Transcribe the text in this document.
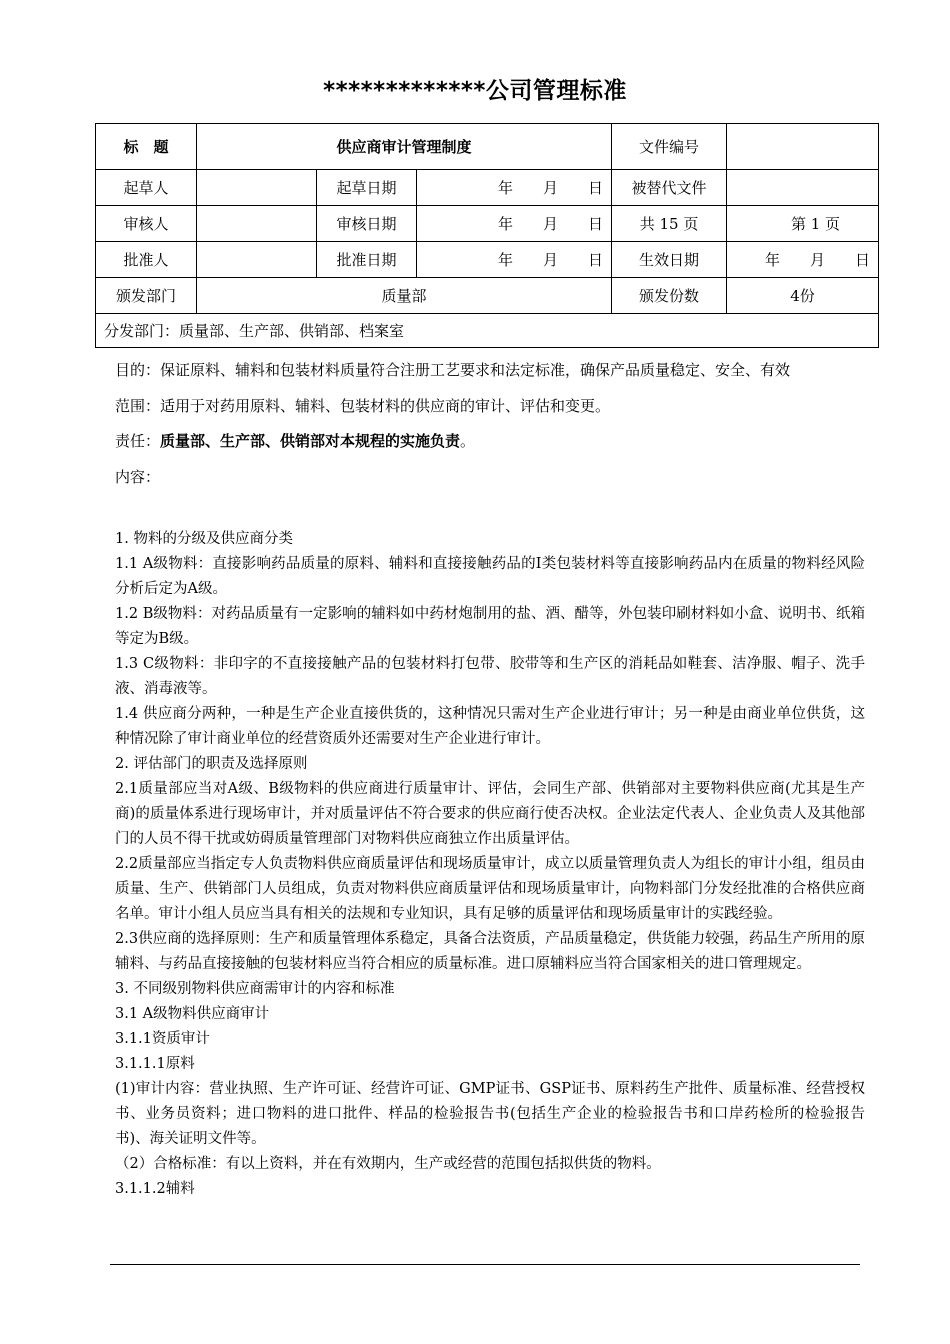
*************公司管理标准
标　题	供应商审计管理制度			文件编号	
起草人		起草日期	年　　月　　日	被替代文件	
审核人		审核日期	年　　月　　日	共 15 页	第 1 页
批准人		批准日期	年　　月　　日	生效日期	年　　月　　日
颁发部门	质量部			颁发份数	4份
分发部门：质量部、生产部、供销部、档案室					

目的：保证原料、辅料和包装材料质量符合注册工艺要求和法定标准，确保产品质量稳定、安全、有效

范围：适用于对药用原料、辅料、包装材料的供应商的审计、评估和变更。

责任：质量部、生产部、供销部对本规程的实施负责。

内容：

1. 物料的分级及供应商分类

1.1 A级物料：直接影响药品质量的原料、辅料和直接接触药品的Ⅰ类包装材料等直接影响药品内在质量的物料经风险分析后定为A级。

1.2 B级物料：对药品质量有一定影响的辅料如中药材炮制用的盐、酒、醋等，外包装印刷材料如小盒、说明书、纸箱等定为B级。

1.3 C级物料：非印字的不直接接触产品的包装材料打包带、胶带等和生产区的消耗品如鞋套、洁净服、帽子、洗手液、消毒液等。

1.4 供应商分两种，一种是生产企业直接供货的，这种情况只需对生产企业进行审计；另一种是由商业单位供货，这种情况除了审计商业单位的经营资质外还需要对生产企业进行审计。

2. 评估部门的职责及选择原则

2.1质量部应当对A级、B级物料的供应商进行质量审计、评估，会同生产部、供销部对主要物料供应商(尤其是生产商)的质量体系进行现场审计，并对质量评估不符合要求的供应商行使否决权。企业法定代表人、企业负责人及其他部门的人员不得干扰或妨碍质量管理部门对物料供应商独立作出质量评估。

2.2质量部应当指定专人负责物料供应商质量评估和现场质量审计，成立以质量管理负责人为组长的审计小组，组员由质量、生产、供销部门人员组成，负责对物料供应商质量评估和现场质量审计，向物料部门分发经批准的合格供应商名单。审计小组人员应当具有相关的法规和专业知识，具有足够的质量评估和现场质量审计的实践经验。

2.3供应商的选择原则：生产和质量管理体系稳定，具备合法资质，产品质量稳定，供货能力较强，药品生产所用的原辅料、与药品直接接触的包装材料应当符合相应的质量标准。进口原辅料应当符合国家相关的进口管理规定。

3. 不同级别物料供应商需审计的内容和标准

3.1 A级物料供应商审计

3.1.1资质审计

3.1.1.1原料

(1)审计内容：营业执照、生产许可证、经营许可证、GMP证书、GSP证书、原料药生产批件、质量标准、经营授权书、业务员资料；进口物料的进口批件、样品的检验报告书(包括生产企业的检验报告书和口岸药检所的检验报告书)、海关证明文件等。

（2）合格标准：有以上资料，并在有效期内，生产或经营的范围包括拟供货的物料。

3.1.1.2辅料
